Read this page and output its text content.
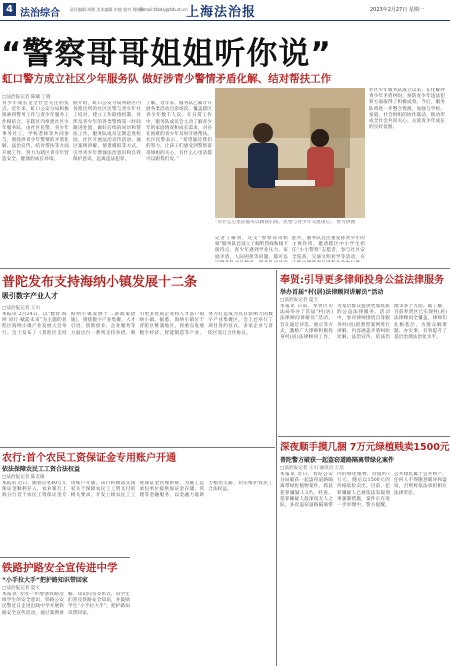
4 法治综合	责任编辑 周敬 美术编辑 申媛 校对 周晓敏
E-mail:fzbdsj@fzb.sh.cn
上海法治报	2023年2月27日 星期一
“警察哥哥姐姐听你说”
虹口警方成立社区少年服务队 做好涉青少警情矛盾化解、结对帮扶工作
□法治报记者 陈曦 丁晓
青少年成长是全社会关注的焦点。近年来，虹口公安分局积极探索将警务工作与青少年服务工作相结合，在辖区内组建社区少年服务队，由社区民警、青少年事务社工、学校老师等共同参与，围绕涉青少年警情的矛盾化解、法治宣传、结对帮扶等方面开展工作，努力为辖区青少年营造安全、健康的成长环境。
据介绍，虹口公安分局将辖区内各派出所的社区民警与青少年社工结对，建立工作联络机制，对涉及青少年的各类警情第一时间跟进处置，做好后续的回访和帮扶工作。服务队成员定期走进校园、社区开展法治宣传活动，通过案例讲解、情景模拟等方式，引导青少年增强法治意识和自我保护意识，远离违法犯罪。
了解，近年来，服务队已累计开展各类活动百余场次，覆盖辖区青少年数千人次。在日常工作中，服务队成员会主动了解青少年的家庭情况和成长需求，对存在困难的青少年及时开展帮扶。社区民警表示，“希望通过我们的努力，让孩子们感受到警察哥哥姐姐的关心，有什么心里话都可以跟我们说。”
“有什么心里话都可以跟我们说。”民警与青少年交流谈心。 警方供图
记者了解到，这支“警察哥哥姐姐”服务队还设立了倾听热线和线下接待点，青少年遇到学业压力、家庭矛盾、人际困扰等问题，都可以
此外，服务队还注重发挥青少年的主体作用，邀请辖区中小学生担任“小小警察”志愿者，参与社区安全巡查、交通文明劝导等活动，在
社区少年服务队成立以来，在化解涉青少年矛盾纠纷、预防青少年违法犯罪方面取得了积极成效。今后，服务队将进一步整合资源，加强与学校、家庭、社会组织的协作联动，推动形成全社会共同关心、关爱青少年成长的良好氛围。
普陀发布支持海纳小镇发展十二条
吸引数字产业人才
□法治报记者 王川
本报讯 2月24日，以“数智·海纳 同行·赋能未来”为主题的普陀区海纳小镇产业发展大会举行。会上发布了《普陀区支持海纳小镇发展十二条政策措施》，围绕数字产业集聚、人才引进、创新创业、企业服务等方面出台一系列支持举措，吸引更多优质企业和人才落户海纳小镇。据悉，海纳小镇位于普陀区桃浦地区，将重点发展数字经济、智能制造等产业，努力打造成为具有影响力的数字产业集聚区。会上还举行了项目签约仪式，多家企业与普陀区签订合作协议。
农行:首个农民工资保证金专用账户开通
依法保障农民工工资合法权益
□法治报记者 陈友敏
本报讯 近日，随着首笔40万元保证金顺利存入，农业银行上海分行首个农民工资保证金专用账户开通。该行积极落实国家关于保障农民工工资支付的相关要求，开发上线农民工工资保证金管理系统，为施工总承包单位提供保证金存储、管理等金融服务，以金融力量助力根治欠薪，切实维护农民工合法权益。
铁路护路安全宣传进中学
“小手拉大手”把护路知识带回家
□法治报记者 夏天
本报讯 为进一步增强铁路沿线学生的安全意识，铁路公安民警近日走进沿线中学开展铁路安全宣传活动，通过案例讲解、知识问答等形式，向学生们普及铁路安全知识，并鼓励学生“小手拉大手”，把护路知识带回家。
奉贤:引导更多律师投身公益法律服务
举办首届“村(居)法律顾问讲解员”活动
□法治报记者 夏天
本报讯 日前，奉贤区司法局举办了首届“村(居)法律顾问讲解员”活动，旨在通过评选、展示等方式，激励广大律师积极投身村(居)法律顾问工作，为基层群众提供更加优质的公益法律服务。活动中，参评律师围绕自身服务村(居)的典型案例进行讲解，内容涵盖矛盾纠纷化解、法治宣传、依法治理等多个方面。据了解，目前奉贤区已实现村(居)法律顾问全覆盖，律师们扎根基层，为群众解难题、办实事，有效提升了基层治理法治化水平。
深夜顺手摸几捆 7万元绿植贱卖1500元
普陀警方破获一起盗窃道路隔离带绿化案件
□法治报记者 王川 通讯员 王培
本报讯 近日，普陀公安分局破获一起盗窃道路隔离带绿化植物案件，抓获犯罪嫌疑人3名。经查，犯罪嫌疑人趁深夜无人之际，多次盗窃道路隔离带内的绿化植物，价值约7万元，随后以1500元的价格低价卖出。目前，犯罪嫌疑人已被依法采取刑事强制措施，案件正在进一步审理中。警方提醒，公共绿化属于公共财产，任何人不得随意破坏和盗窃，否则将依法承担相应法律责任。
